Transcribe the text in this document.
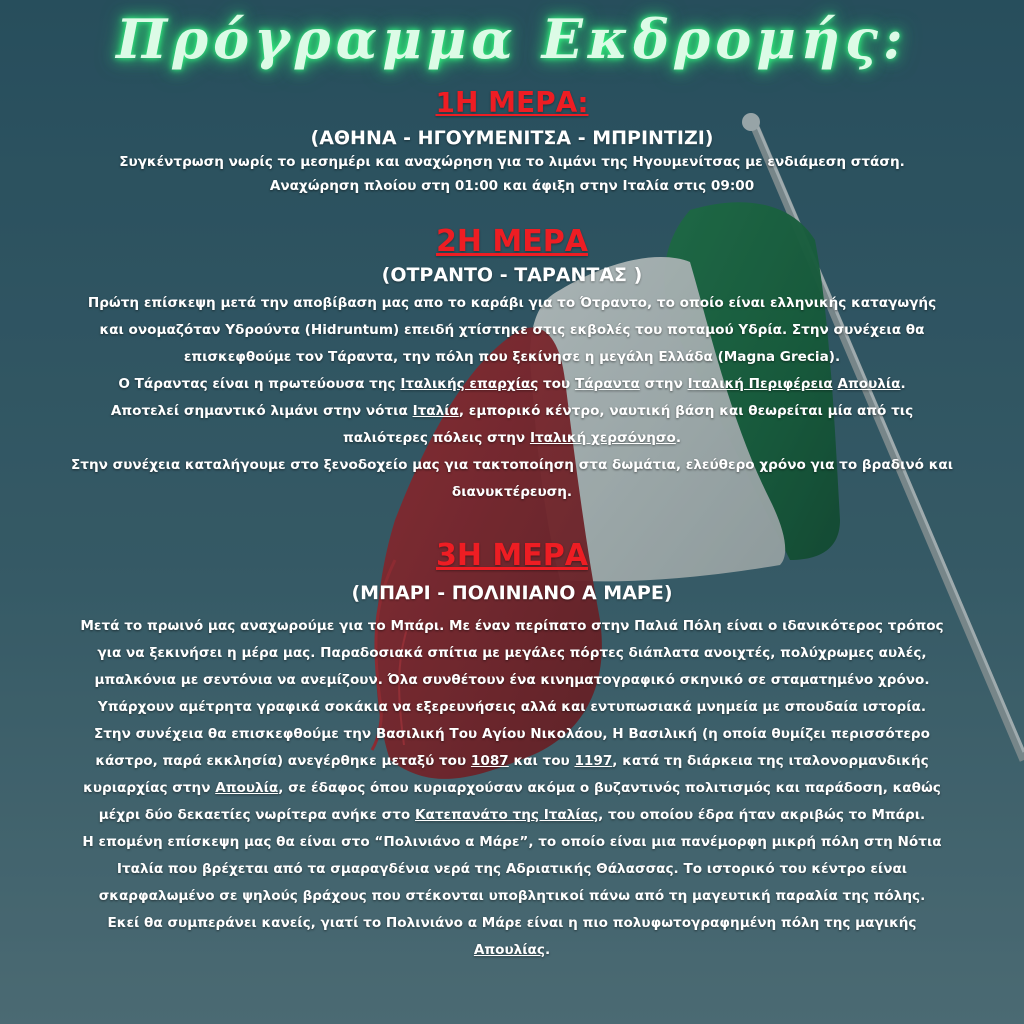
Πρόγραμμα Εκδρομής:
1Η ΜΕΡΑ:
(ΑΘΗΝΑ - ΗΓΟΥΜΕΝΙΤΣΑ - ΜΠΡΙΝΤΙΖΙ)
Συγκέντρωση νωρίς το μεσημέρι και αναχώρηση για το λιμάνι της Ηγουμενίτσας με ενδιάμεση στάση.
Αναχώρηση πλοίου στη 01:00 και άφιξη στην Ιταλία στις 09:00
2Η ΜΕΡΑ
(ΟΤΡΑΝΤΟ - ΤΑΡΑΝΤΑΣ )
Πρώτη επίσκεψη μετά την αποβίβαση μας απο το καράβι για το Ότραντο, το οποίο είναι ελληνικής καταγωγής
και ονομαζόταν Υδρούντα (Hidruntum) επειδή χτίστηκε στις εκβολές του ποταμού Υδρία. Στην συνέχεια θα
επισκεφθούμε τον Τάραντα, την πόλη που ξεκίνησε η μεγάλη Ελλάδα (Magna Grecia).
Ο Τάραντας είναι η πρωτεύουσα της Ιταλικής επαρχίας του Τάραντα στην Ιταλική Περιφέρεια Απουλία.
Αποτελεί σημαντικό λιμάνι στην νότια Ιταλία, εμπορικό κέντρο, ναυτική βάση και θεωρείται μία από τις
παλιότερες πόλεις στην Ιταλική χερσόνησο.
Στην συνέχεια καταλήγουμε στο ξενοδοχείο μας για τακτοποίηση στα δωμάτια, ελεύθερο χρόνο για το βραδινό και
διανυκτέρευση.
3Η ΜΕΡΑ
(ΜΠΑΡΙ - ΠΟΛΙΝΙΑΝΟ Α ΜΑΡΕ)
Μετά το πρωινό μας αναχωρούμε για το Μπάρι. Με έναν περίπατο στην Παλιά Πόλη είναι ο ιδανικότερος τρόπος
για να ξεκινήσει η μέρα μας. Παραδοσιακά σπίτια με μεγάλες πόρτες διάπλατα ανοιχτές, πολύχρωμες αυλές,
μπαλκόνια με σεντόνια να ανεμίζουν. Όλα συνθέτουν ένα κινηματογραφικό σκηνικό σε σταματημένο χρόνο.
Υπάρχουν αμέτρητα γραφικά σοκάκια να εξερευνήσεις αλλά και εντυπωσιακά μνημεία με σπουδαία ιστορία.
Στην συνέχεια θα επισκεφθούμε την Βασιλική Του Αγίου Νικολάου, Η Βασιλική (η οποία θυμίζει περισσότερο
κάστρο, παρά εκκλησία) ανεγέρθηκε μεταξύ του 1087 και του 1197, κατά τη διάρκεια της ιταλονορμανδικής
κυριαρχίας στην Απουλία, σε έδαφος όπου κυριαρχούσαν ακόμα ο βυζαντινός πολιτισμός και παράδοση, καθώς
μέχρι δύο δεκαετίες νωρίτερα ανήκε στο Κατεπανάτο της Ιταλίας, του οποίου έδρα ήταν ακριβώς το Μπάρι.
Η επομένη επίσκεψη μας θα είναι στο “Πολινιάνο α Μάρε”, το οποίο είναι μια πανέμορφη μικρή πόλη στη Νότια
Ιταλία που βρέχεται από τα σμαραγδένια νερά της Αδριατικής Θάλασσας. Το ιστορικό του κέντρο είναι
σκαρφαλωμένο σε ψηλούς βράχους που στέκονται υποβλητικοί πάνω από τη μαγευτική παραλία της πόλης.
Εκεί θα συμπεράνει κανείς, γιατί το Πολινιάνο α Μάρε είναι η πιο πολυφωτογραφημένη πόλη της μαγικής
Απουλίας.
